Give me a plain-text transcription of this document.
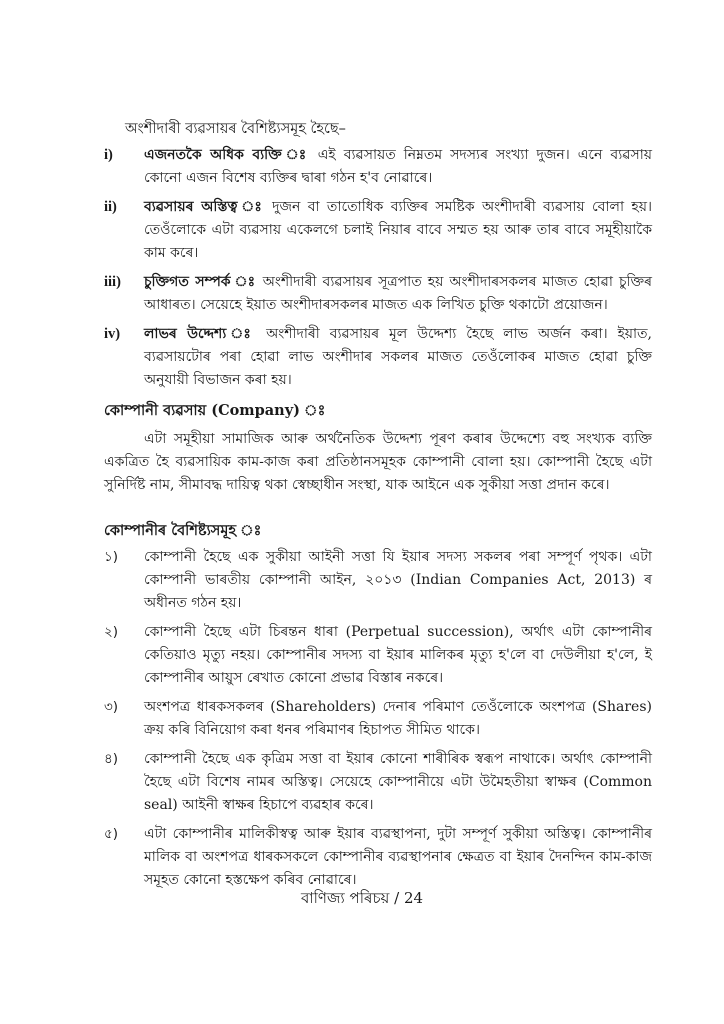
অংশীদাৰী ব্যৱসায়ৰ বৈশিষ্ট্যসমূহ হৈছে–
i)	এজনতকৈ অধিক ব্যক্তি ঃ এই ব্যৱসায়ত নিম্নতম সদস্যৰ সংখ্যা দুজন। এনে ব্যৱসায় কোনো এজন বিশেষ ব্যক্তিৰ দ্বাৰা গঠন হ'ব নোৱাৰে।
ii)	ব্যৱসায়ৰ অস্তিত্ব ঃ দুজন বা তাতোধিক ব্যক্তিৰ সমষ্টিক অংশীদাৰী ব্যৱসায় বোলা হয়। তেওঁলোকে এটা ব্যৱসায় একেলগে চলাই নিয়াৰ বাবে সম্মত হয় আৰু তাৰ বাবে সমূহীয়াকৈ কাম কৰে।
iii)	চুক্তিগত সম্পৰ্ক ঃ অংশীদাৰী ব্যৱসায়ৰ সূত্ৰপাত হয় অংশীদাৰসকলৰ মাজত হোৱা চুক্তিৰ আধাৰত। সেয়েহে ইয়াত অংশীদাৰসকলৰ মাজত এক লিখিত চুক্তি থকাটো প্ৰয়োজন।
iv)	লাভৰ উদ্দেশ্য ঃ অংশীদাৰী ব্যৱসায়ৰ মূল উদ্দেশ্য হৈছে লাভ অৰ্জন কৰা। ইয়াত, ব্যৱসায়টোৰ পৰা হোৱা লাভ অংশীদাৰ সকলৰ মাজত তেওঁলোকৰ মাজত হোৱা চুক্তি অনুযায়ী বিভাজন কৰা হয়।
কোম্পানী ব্যৱসায় (Company) ঃ
এটা সমূহীয়া সামাজিক আৰু অৰ্থনৈতিক উদ্দেশ্য পূৰণ কৰাৰ উদ্দেশ্যে বহু সংখ্যক ব্যক্তি একত্ৰিত হৈ ব্যৱসায়িক কাম-কাজ কৰা প্ৰতিষ্ঠানসমূহক কোম্পানী বোলা হয়। কোম্পানী হৈছে এটা সুনিৰ্দিষ্ট নাম, সীমাবদ্ধ দায়িত্ব থকা স্বেচ্ছাধীন সংস্থা, যাক আইনে এক সুকীয়া সত্তা প্ৰদান কৰে।
কোম্পানীৰ বৈশিষ্ট্যসমূহ ঃ
১)	কোম্পানী হৈছে এক সুকীয়া আইনী সত্তা যি ইয়াৰ সদস্য সকলৰ পৰা সম্পূৰ্ণ পৃথক। এটা কোম্পানী ভাৰতীয় কোম্পানী আইন, ২০১৩ (Indian Companies Act, 2013) ৰ অধীনত গঠন হয়।
২)	কোম্পানী হৈছে এটা চিৰন্তন ধাৰা (Perpetual succession), অৰ্থাৎ এটা কোম্পানীৰ কেতিয়াও মৃত্যু নহয়। কোম্পানীৰ সদস্য বা ইয়াৰ মালিকৰ মৃত্যু হ'লে বা দেউলীয়া হ'লে, ই কোম্পানীৰ আয়ুস ৰেখাত কোনো প্ৰভাৱ বিস্তাৰ নকৰে।
৩)	অংশপত্ৰ ধাৰকসকলৰ (Shareholders) দেনাৰ পৰিমাণ তেওঁলোকে অংশপত্ৰ (Shares) ক্ৰয় কৰি বিনিয়োগ কৰা ধনৰ পৰিমাণৰ হিচাপত সীমিত থাকে।
৪)	কোম্পানী হৈছে এক কৃত্ৰিম সত্তা বা ইয়াৰ কোনো শাৰীৰিক স্বৰূপ নাথাকে। অৰ্থাৎ কোম্পানী হৈছে এটা বিশেষ নামৰ অস্তিত্ব। সেয়েহে কোম্পানীয়ে এটা উমৈহতীয়া স্বাক্ষৰ (Common seal) আইনী স্বাক্ষৰ হিচাপে ব্যৱহাৰ কৰে।
৫)	এটা কোম্পানীৰ মালিকীস্বত্ব আৰু ইয়াৰ ব্যৱস্থাপনা, দুটা সম্পূৰ্ণ সুকীয়া অস্তিত্ব। কোম্পানীৰ মালিক বা অংশপত্ৰ ধাৰকসকলে কোম্পানীৰ ব্যৱস্থাপনাৰ ক্ষেত্ৰত বা ইয়াৰ দৈনন্দিন কাম-কাজ সমূহত কোনো হস্তক্ষেপ কৰিব নোৱাৰে।
বাণিজ্য পৰিচয় / 24
